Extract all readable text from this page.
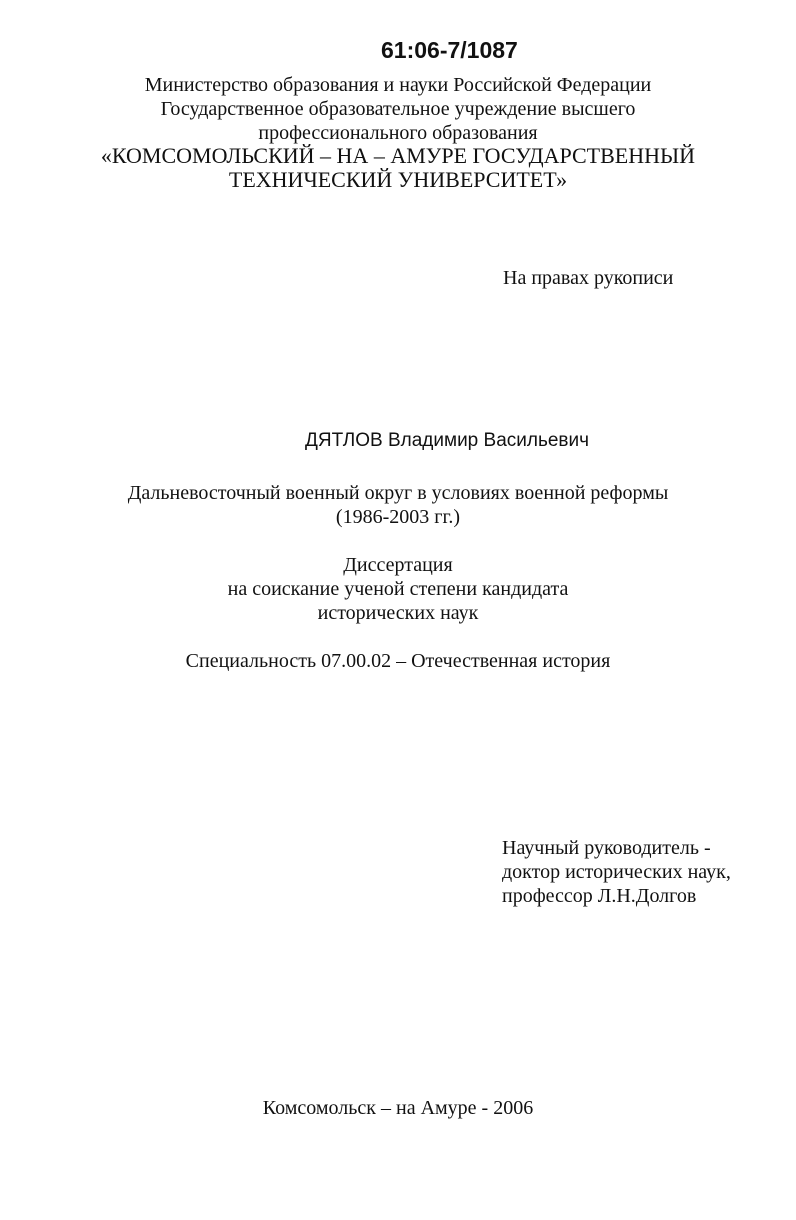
61:06-7/1087
Министерство образования и науки Российской Федерации
Государственное образовательное учреждение высшего
профессионального образования
«КОМСОМОЛЬСКИЙ – НА – АМУРЕ ГОСУДАРСТВЕННЫЙ
ТЕХНИЧЕСКИЙ УНИВЕРСИТЕТ»
На правах рукописи
ДЯТЛОВ Владимир Васильевич
Дальневосточный военный округ в условиях военной реформы
(1986-2003 гг.)
Диссертация
на соискание ученой степени кандидата
исторических наук
Специальность 07.00.02 – Отечественная история
Научный руководитель -
доктор исторических наук,
профессор Л.Н.Долгов
Комсомольск – на Амуре - 2006
